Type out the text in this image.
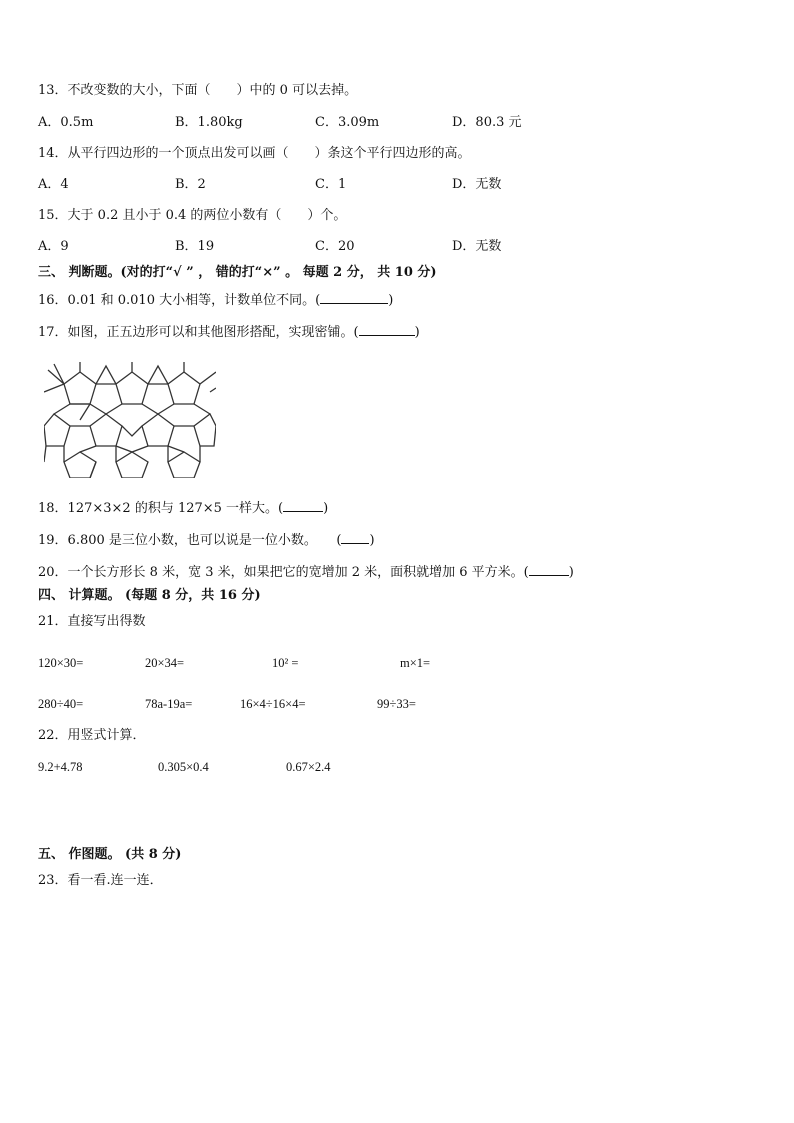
13．不改变数的大小，下面（　　）中的 0 可以去掉。
A．0.5m	B．1.80kg	C．3.09m	D．80.3 元
14．从平行四边形的一个顶点出发可以画（　　）条这个平行四边形的高。
A．4	B．2	C．1	D．无数
15．大于 0.2 且小于 0.4 的两位小数有（　　）个。
A．9	B．19	C．20	D．无数
三、 判断题。(对的打“√ ” ， 错的打“×” 。 每题 2 分， 共 10 分)
16．0.01 和 0.010 大小相等，计数单位不同。(	)
17．如图，正五边形可以和其他图形搭配，实现密铺。(	)
18．127×3×2 的积与 127×5 一样大。(	)
19．6.800 是三位小数，也可以说是一位小数。　　( )
20．一个长方形长 8 米，宽 3 米，如果把它的宽增加 2 米，面积就增加 6 平方米。(	)
四、 计算题。 (每题 8 分，共 16 分)
21．直接写出得数
120×30=	20×34=	10² =	m×1=
280÷40=	78a-19a=	16×4÷16×4=	99÷33=
22．用竖式计算．
9.2+4.78	0.305×0.4	0.67×2.4
五、 作图题。 (共 8 分)
23．看一看.连一连．
